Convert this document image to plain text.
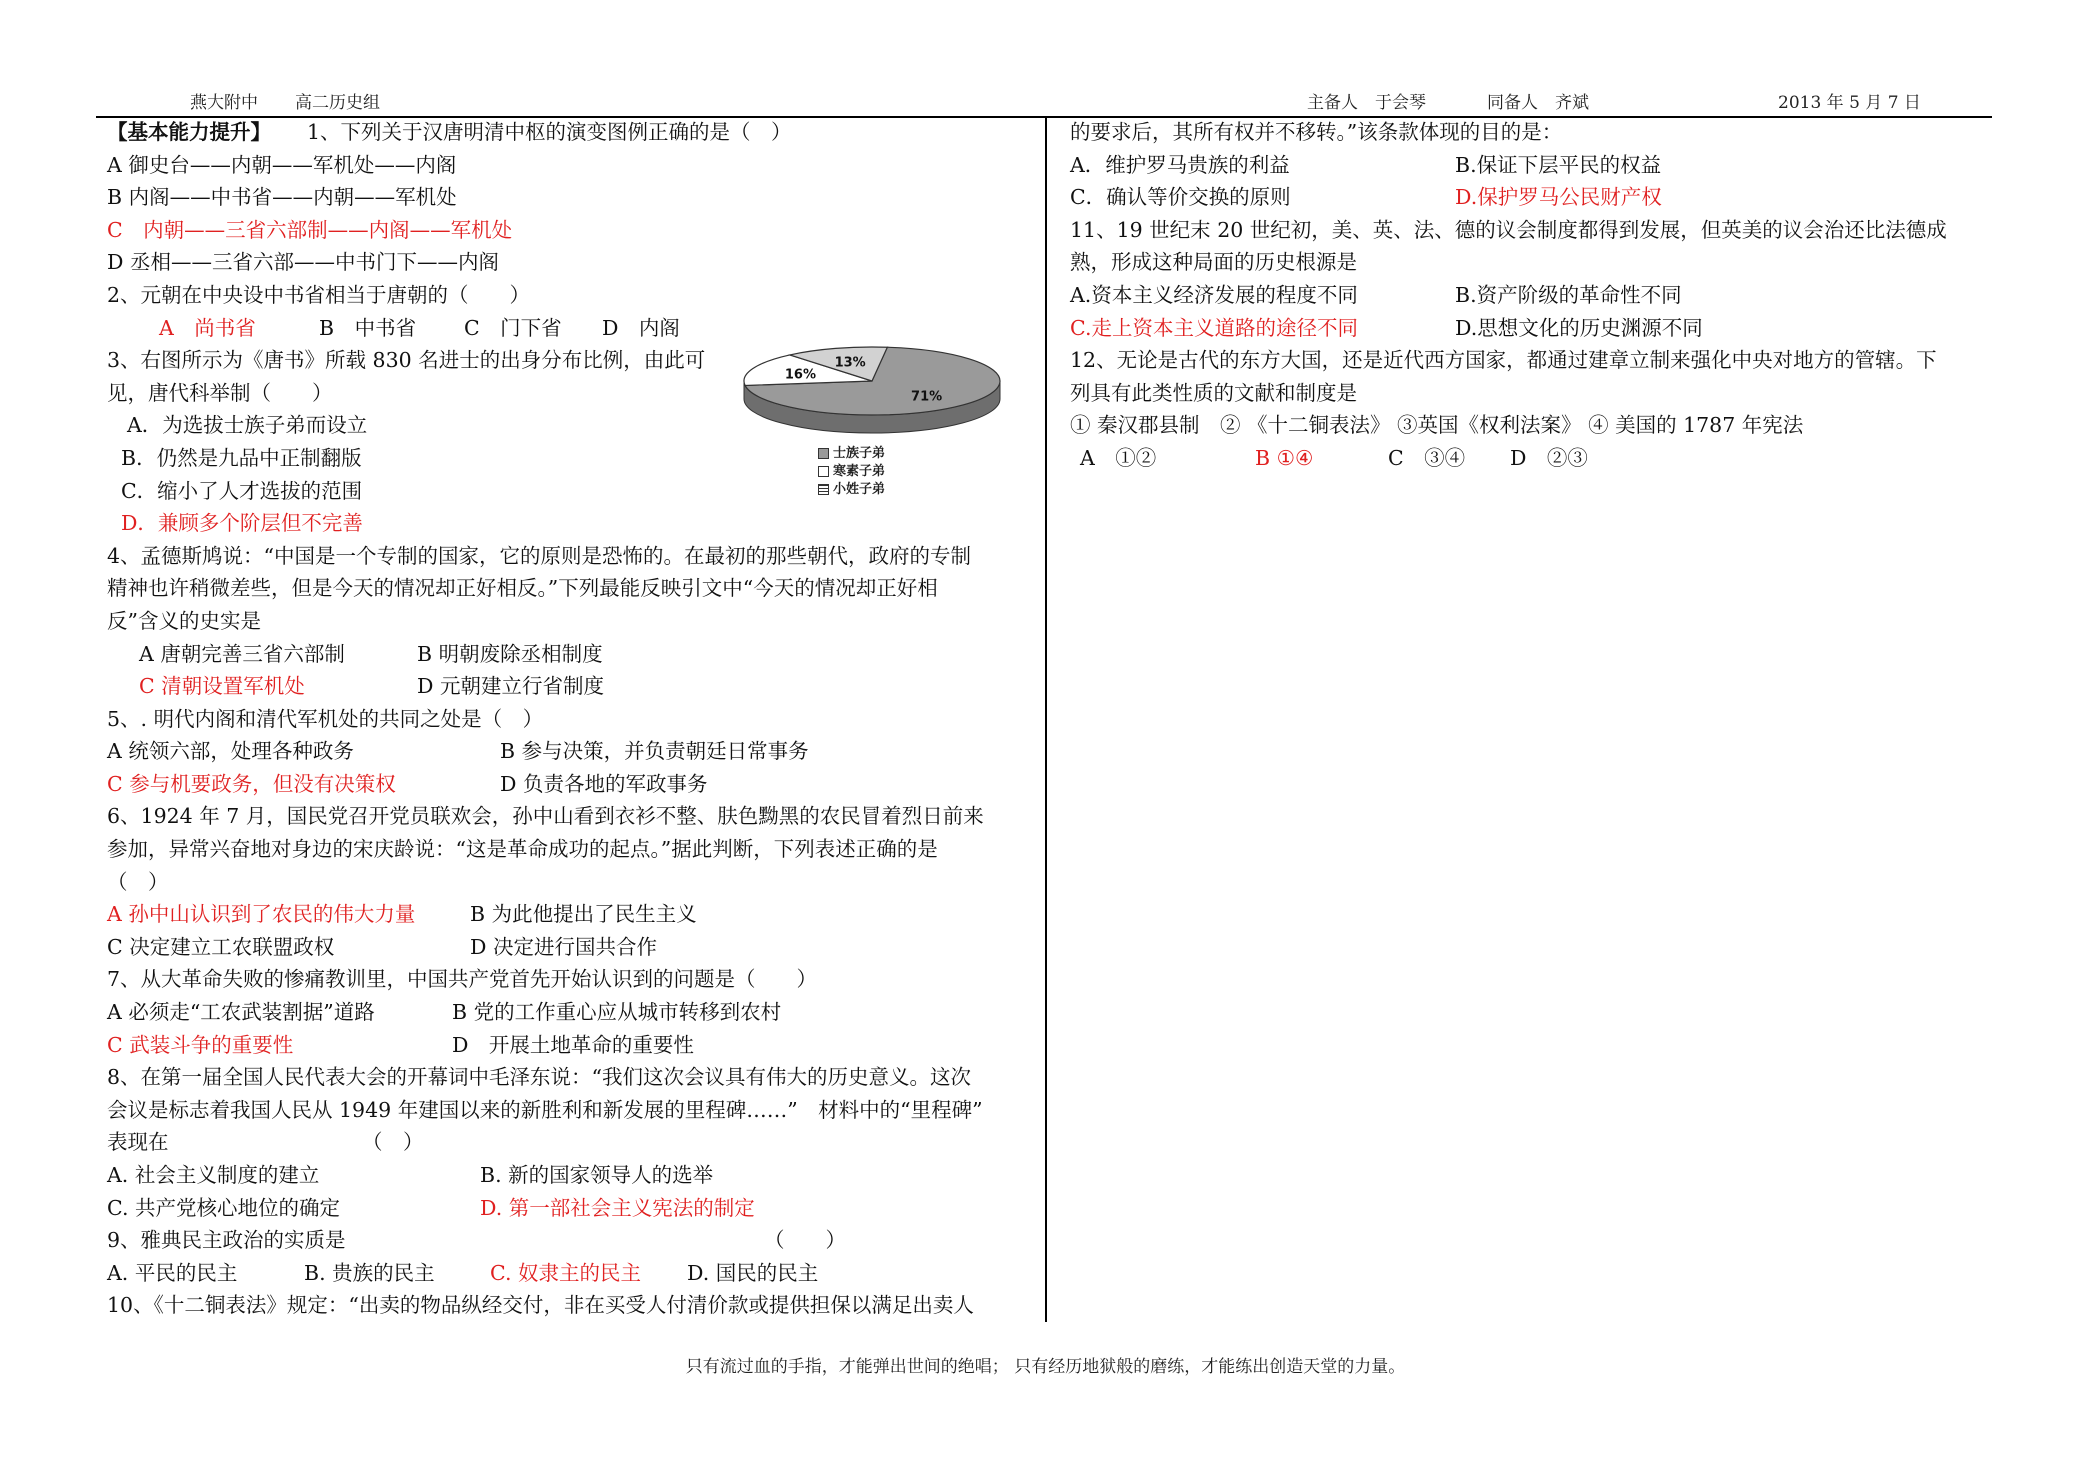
燕大附中 高二历史组	主备人　于会琴	同备人　齐斌	2013 年 5 月 7 日
【基本能力提升】 1、下列关于汉唐明清中枢的演变图例正确的是（　）
A 御史台——内朝——军机处——内阁
B 内阁——中书省——内朝——军机处
C　内朝——三省六部制——内阁——军机处
D 丞相——三省六部——中书门下——内阁
2、元朝在中央设中书省相当于唐朝的（　　）
A　尚书省	B　中书省 C　门下省 D　内阁
3、右图所示为《唐书》所载 830 名进士的出身分布比例，由此可
见，唐代科举制（　　）
A．为选拔士族子弟而设立
B．仍然是九品中正制翻版
C．缩小了人才选拔的范围
D．兼顾多个阶层但不完善
4、孟德斯鸠说：“中国是一个专制的国家，它的原则是恐怖的。在最初的那些朝代，政府的专制
精神也许稍微差些，但是今天的情况却正好相反。”下列最能反映引文中“今天的情况却正好相
反”含义的史实是
A 唐朝完善三省六部制	B 明朝废除丞相制度
C 清朝设置军机处	D 元朝建立行省制度
5、. 明代内阁和清代军机处的共同之处是（　）
A 统领六部，处理各种政务	B 参与决策，并负责朝廷日常事务
C 参与机要政务，但没有决策权	D 负责各地的军政事务
6、1924 年 7 月，国民党召开党员联欢会，孙中山看到衣衫不整、肤色黝黑的农民冒着烈日前来
参加，异常兴奋地对身边的宋庆龄说：“这是革命成功的起点。”据此判断，下列表述正确的是
（　）
A 孙中山认识到了农民的伟大力量	B 为此他提出了民生主义
C 决定建立工农联盟政权	D 决定进行国共合作
7、从大革命失败的惨痛教训里，中国共产党首先开始认识到的问题是（　　）
A 必须走“工农武装割据”道路	B 党的工作重心应从城市转移到农村
C 武装斗争的重要性	D　开展土地革命的重要性
8、在第一届全国人民代表大会的开幕词中毛泽东说：“我们这次会议具有伟大的历史意义。这次
会议是标志着我国人民从 1949 年建国以来的新胜利和新发展的里程碑……”　材料中的“里程碑”
表现在	（　）
A. 社会主义制度的建立	B. 新的国家领导人的选举
C. 共产党核心地位的确定	D. 第一部社会主义宪法的制定
9、雅典民主政治的实质是	（　　）
A. 平民的民主	B. 贵族的民主	C. 奴隶主的民主 D. 国民的民主
10、《十二铜表法》规定：“出卖的物品纵经交付，非在买受人付清价款或提供担保以满足出卖人
71%
16%
13%
士族子弟
寒素子弟
小姓子弟
的要求后，其所有权并不移转。”该条款体现的目的是：
A．维护罗马贵族的利益	B.保证下层平民的权益
C．确认等价交换的原则	D.保护罗马公民财产权
11、19 世纪末 20 世纪初，美、英、法、德的议会制度都得到发展，但英美的议会治还比法德成
熟，形成这种局面的历史根源是
A.资本主义经济发展的程度不同	B.资产阶级的革命性不同
C.走上资本主义道路的途径不同	D.思想文化的历史渊源不同
12、无论是古代的东方大国，还是近代西方国家，都通过建章立制来强化中央对地方的管辖。下
列具有此类性质的文献和制度是
① 秦汉郡县制　② 《十二铜表法》 ③英国《权利法案》 ④ 美国的 1787 年宪法
A　①②	B ①④	C　③④ D　②③
只有流过血的手指，才能弹出世间的绝唱； 只有经历地狱般的磨练，才能练出创造天堂的力量。
